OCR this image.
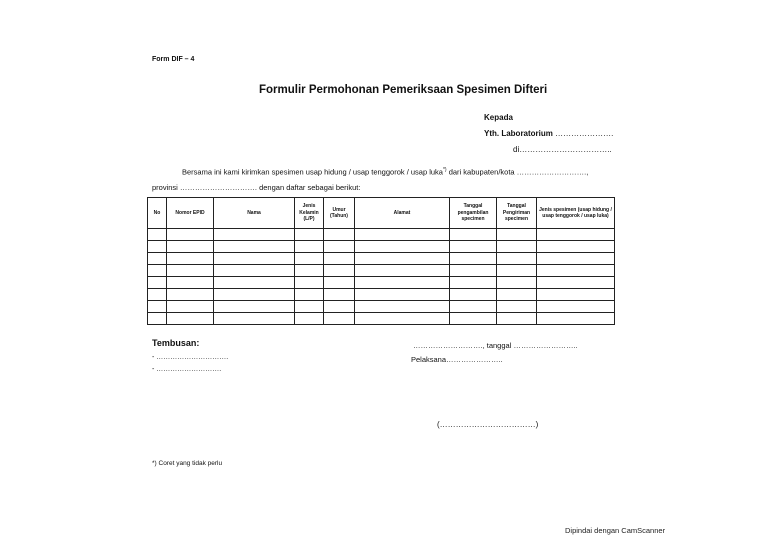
Form DIF – 4
Formulir Permohonan Pemeriksaan Spesimen Difteri
Kepada
Yth. Laboratorium ………………….
di……………………………..
Bersama ini kami kirimkan spesimen usap hidung / usap tenggorok / usap luka*) dari kabupaten/kota ……………………….,
provinsi …………………………. dengan daftar sebagai berikut:
No	Nomor EPID	Nama	Jenis Kelamin (L/P)	Umur (Tahun)	Alamat	Tanggal pengambilan specimen	Tanggal Pengiriman specimen	Jenis spesimen (usap hidung / usap tenggorok / usap luka)

Tembusan:
- ………………………….
- ……………………….
………………………., tanggal ……………………..
Pelaksana…………………..
(………………………………)
*) Coret yang tidak perlu
Dipindai dengan CamScanner
